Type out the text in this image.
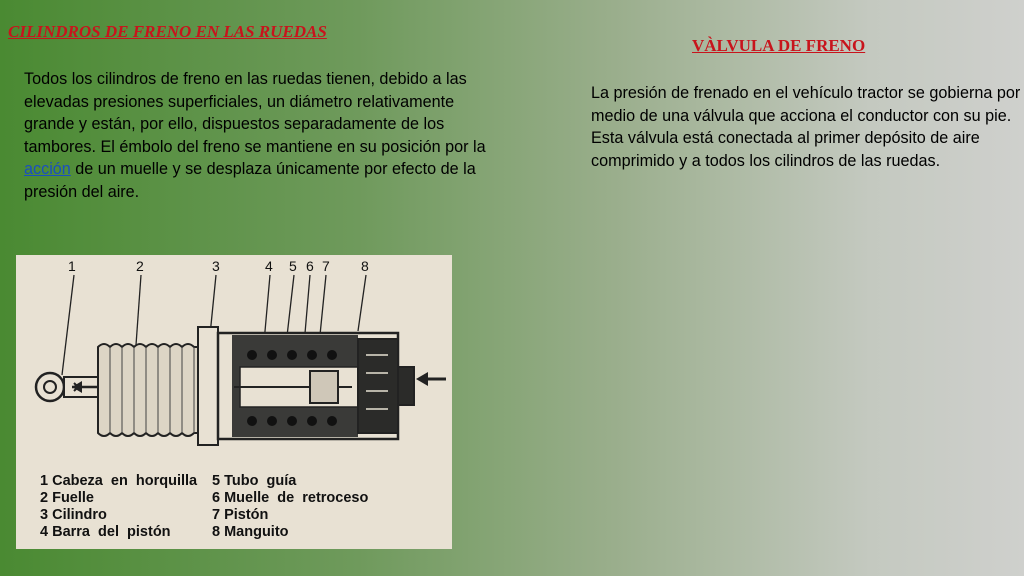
CILINDROS DE FRENO EN LAS RUEDAS
VÀLVULA DE FRENO

Todos los cilindros de freno en las ruedas tienen, debido a las elevadas presiones superficiales, un diámetro relativamente grande y están, por ello, dispuestos separadamente de los tambores. El émbolo del freno se mantiene en su posición por la acción de un muelle y se desplaza únicamente por efecto de la presión del aire.

La presión de frenado en el vehículo tractor se gobierna por medio de una válvula que acciona el conductor con su pie. Esta válvula está conectada al primer depósito de aire comprimido y a todos los cilindros de las ruedas.

1	2	3	4 5 6 7 8
1 Cabeza  en  horquilla
2 Fuelle
3 Cilindro
4 Barra  del  pistón
5 Tubo  guía
6 Muelle  de  retroceso
7 Pistón
8 Manguito
